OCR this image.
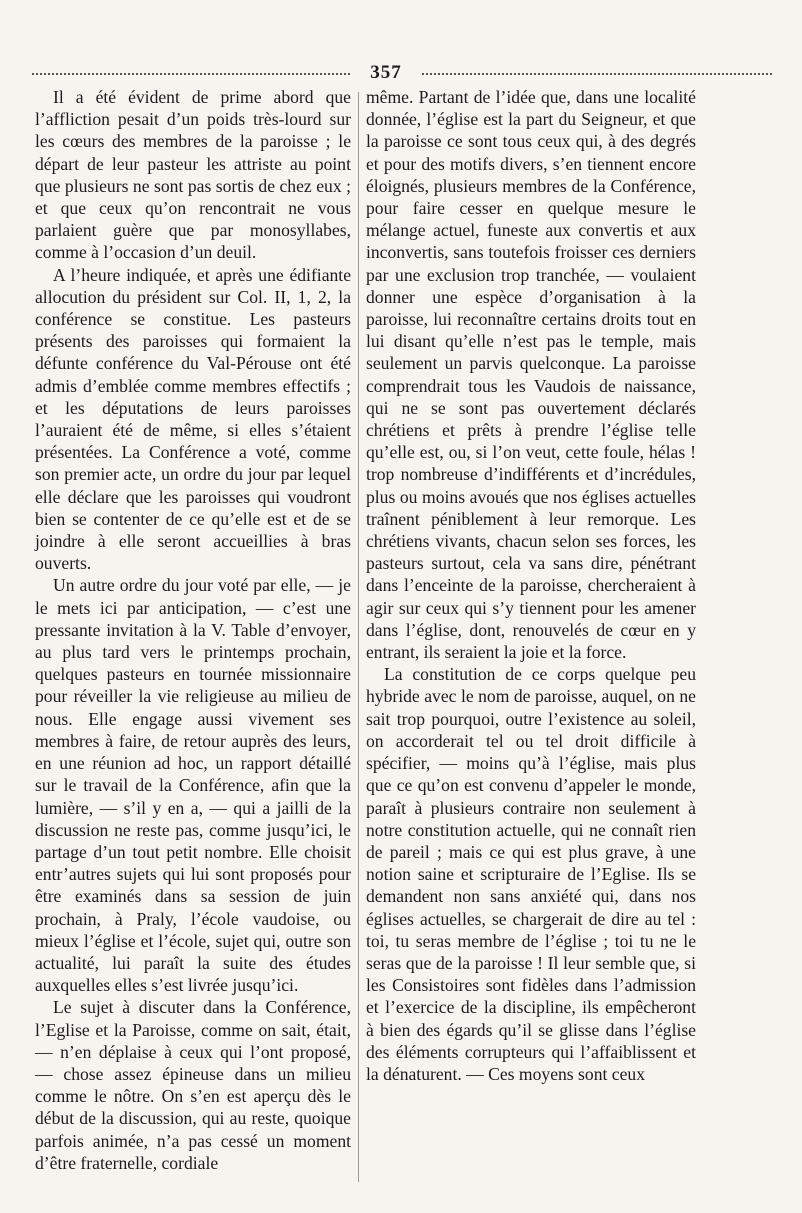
357

Il a été évident de prime abord que l’affliction pesait d’un poids très-lourd sur les cœurs des membres de la paroisse ; le départ de leur pasteur les attriste au point que plusieurs ne sont pas sortis de chez eux ; et que ceux qu’on rencontrait ne vous parlaient guère que par monosyllabes, comme à l’occasion d’un deuil.

A l’heure indiquée, et après une édifiante allocution du président sur Col. II, 1, 2, la conférence se constitue. Les pasteurs présents des paroisses qui formaient la défunte conférence du Val-Pérouse ont été admis d’emblée comme membres effectifs ; et les députations de leurs paroisses l’auraient été de même, si elles s’étaient présentées. La Conférence a voté, comme son premier acte, un ordre du jour par lequel elle déclare que les paroisses qui voudront bien se contenter de ce qu’elle est et de se joindre à elle seront accueillies à bras ouverts.

Un autre ordre du jour voté par elle, — je le mets ici par anticipation, — c’est une pressante invitation à la V. Table d’envoyer, au plus tard vers le printemps prochain, quelques pasteurs en tournée missionnaire pour réveiller la vie religieuse au milieu de nous. Elle engage aussi vivement ses membres à faire, de retour auprès des leurs, en une réunion ad hoc, un rapport détaillé sur le travail de la Conférence, afin que la lumière, — s’il y en a, — qui a jailli de la discussion ne reste pas, comme jusqu’ici, le partage d’un tout petit nombre. Elle choisit entr’autres sujets qui lui sont proposés pour être examinés dans sa session de juin prochain, à Praly, l’école vaudoise, ou mieux l’église et l’école, sujet qui, outre son actualité, lui paraît la suite des études auxquelles elles s’est livrée jusqu’ici.

Le sujet à discuter dans la Conférence, l’Eglise et la Paroisse, comme on sait, était, — n’en déplaise à ceux qui l’ont proposé, — chose assez épineuse dans un milieu comme le nôtre. On s’en est aperçu dès le début de la discussion, qui au reste, quoique parfois animée, n’a pas cessé un moment d’être fraternelle, cordiale

même. Partant de l’idée que, dans une localité donnée, l’église est la part du Seigneur, et que la paroisse ce sont tous ceux qui, à des degrés et pour des motifs divers, s’en tiennent encore éloignés, plusieurs membres de la Conférence, pour faire cesser en quelque mesure le mélange actuel, funeste aux convertis et aux inconvertis, sans toutefois froisser ces derniers par une exclusion trop tranchée, — voulaient donner une espèce d’organisation à la paroisse, lui reconnaître certains droits tout en lui disant qu’elle n’est pas le temple, mais seulement un parvis quelconque. La paroisse comprendrait tous les Vaudois de naissance, qui ne se sont pas ouvertement déclarés chrétiens et prêts à prendre l’église telle qu’elle est, ou, si l’on veut, cette foule, hélas ! trop nombreuse d’indifférents et d’incrédules, plus ou moins avoués que nos églises actuelles traînent péniblement à leur remorque. Les chrétiens vivants, chacun selon ses forces, les pasteurs surtout, cela va sans dire, pénétrant dans l’enceinte de la paroisse, chercheraient à agir sur ceux qui s’y tiennent pour les amener dans l’église, dont, renouvelés de cœur en y entrant, ils seraient la joie et la force.

La constitution de ce corps quelque peu hybride avec le nom de paroisse, auquel, on ne sait trop pourquoi, outre l’existence au soleil, on accorderait tel ou tel droit difficile à spécifier, — moins qu’à l’église, mais plus que ce qu’on est convenu d’appeler le monde, paraît à plusieurs contraire non seulement à notre constitution actuelle, qui ne connaît rien de pareil ; mais ce qui est plus grave, à une notion saine et scripturaire de l’Eglise. Ils se demandent non sans anxiété qui, dans nos églises actuelles, se chargerait de dire au tel : toi, tu seras membre de l’église ; toi tu ne le seras que de la paroisse ! Il leur semble que, si les Consistoires sont fidèles dans l’admission et l’exercice de la discipline, ils empêcheront à bien des égards qu’il se glisse dans l’église des éléments corrupteurs qui l’affaiblissent et la dénaturent. — Ces moyens sont ceux
